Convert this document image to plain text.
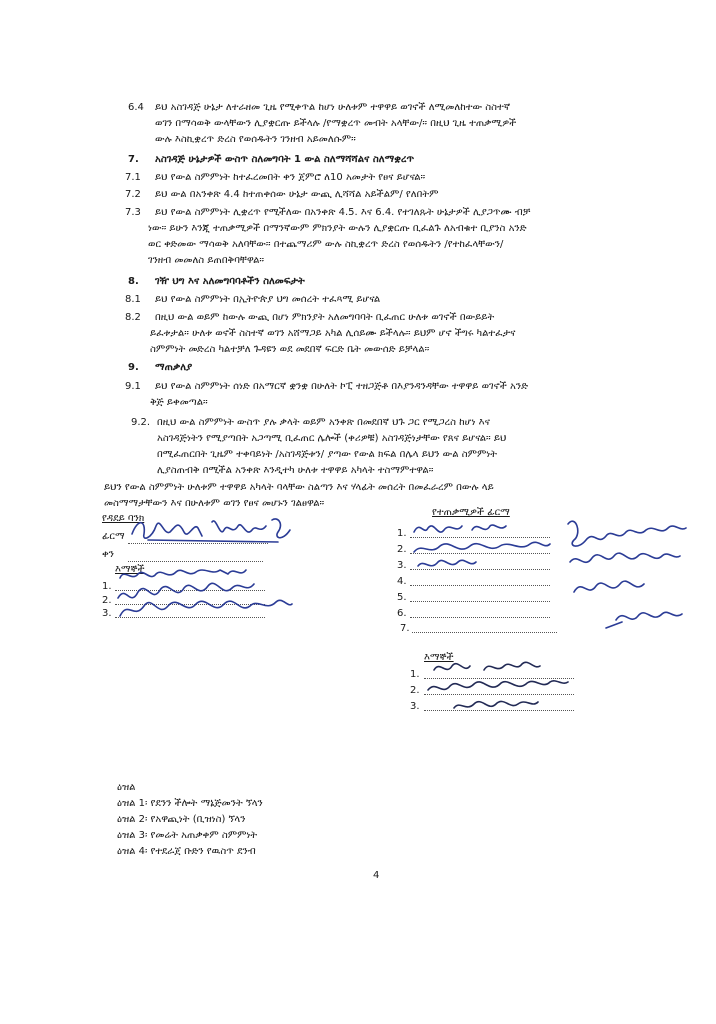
6.4 ይህ አስገዳጅ ሁኔታ ለተራዘመ ጊዜ የሚቀጥል ከሆነ ሁለቱም ተዋዋይ ወገኖች ለሚመለከተው ስስተኛ
ወገን በማሳወቅ ውላቸውን ሊያቋርጡ ይችላሉ /የማቋረጥ መብት አላቸው/። በዚህ ጊዜ ተጠቃሚዎች
ውሉ እስኪቋረጥ ድረስ የወሰዱትን ገንዘብ አይመለሱም።
7. አስገዳጅ ሁኔታዎች ውስጥ ስለመግባት 1 ውል ስለማሻሻልና ስለማቋረጥ
7.1 ይህ የውል ስምምነት ከተፈረመበት ቀን ጀምሮ ለ10 አመታት የፀና ይሆናል።
7.2 ይህ ውል በአንቀጽ 4.4 ከተጠቀሰው ሁኔታ ውጪ ሊሻሻል አይችልም/ የለበትም
7.3 ይህ የውል ስምምነት ሊቋረጥ የሚችለው በአንቀጽ 4.5. እና 6.4. የተገለጹት ሁኔታዎች ሊያጋጥሙ ብቻ
ነው። ይሁን እንጂ ተጠቃሚዎች በማንኛውም ምክንያት ውሉን ሊያቋርጡ ቢፈልጉ ለአብቁተ ቢያንስ አንድ
ወር ቀድመው ማሳወቅ አለባቸው። በተጨማሪም ውሉ ስኪቋረጥ ድረስ የወሰዱትን /የተከፈላቸውን/
ገንዘብ መመለስ ይጠበቅባቸዋል።
8. ገዥ ህግ እና አለመግባባቶችን ስለመፍታት
8.1 ይህ የውል ስምምነት በኢትዮጵያ ህግ መሰረት ተፈጻሚ ይሆናል
8.2 በዚህ ውል ወይም ከውሉ ውጪ በሆነ ምክንያት አለመግባባት ቢፈጠር ሁለቱ ወገኖች በውይይት
ይፈቱታል። ሁለቱ ወኖች ስስተኛ ወገን አሸማጋይ አካል ሊሰይሙ ይችላሉ። ይህም ሆኖ ችግሩ ካልተፈታና
ስምምነት መድረስ ካልተቻለ ጉዳዩን ወደ መደበኛ ፍርድ ቤት መውሰድ ይቻላል።
9. ማጠቃለያ
9.1 ይህ የውል ስምምነት ሰነድ በአማርኛ ቋንቋ በሁለት ኮፒ ተዘጋጅቶ በእያንዳንዳቸው ተዋዋይ ወገኖች አንድ
ቅጅ ይቀመጣል።
9.2. በዚህ ውል ስምምነት ውስጥ ያሉ ቃላት ወይም አንቀጽ በመደበኛ ህጉ ጋር የሚጋረስ ከሆነ እና
አስገዳጅነትን የሚያጣበት አጋጣሚ ቢፈጠር ሌሎች (ቀሪዎቹ) አስገዳጅነታቸው የጸና ይሆናል። ይህ
በሚፈጠርበት ጊዜም ተቀባይነት /አስገዳጅቱን/ ያጣው የውል ክፍል በሌላ ይህን ውል ስምምነት
ሊያስጠብቅ በሚችል አንቀጽ እንዲተካ ሁለቱ ተዋዋይ አካላት ተስማምተዋል።
ይህን የውል ስምምነት ሁለቱም ተዋዋይ አካላት ባላቸው ስልጣን እና ሃላፊት መሰረት በመፈራረም በውሉ ላይ
መስማማታቸውን እና በሁለቱም ወገን የፀና መሆኑን ገልፀዋል።
የዳደይ ባንክ
ፊርማ
ቀን
እማኞች
1.
2.
3.
የተጠቃሚዎች ፊርማ
1.
2.
3.
4.
5.
6.
7.
እማኞች
1.
2.
3.
ዕዝል
ዕዝል 1፡ የደንን ችሎት ማኔጅመንት ኘላን
ዕዝል 2፡ የአዋጪነት (ቢዝነስ) ኘላን
ዕዝል 3፡ የመሬት አጠቃቀም ስምምነት
ዕዝል 4፡ የተደራጀ ቡድን የዉስጥ ደንብ
4
